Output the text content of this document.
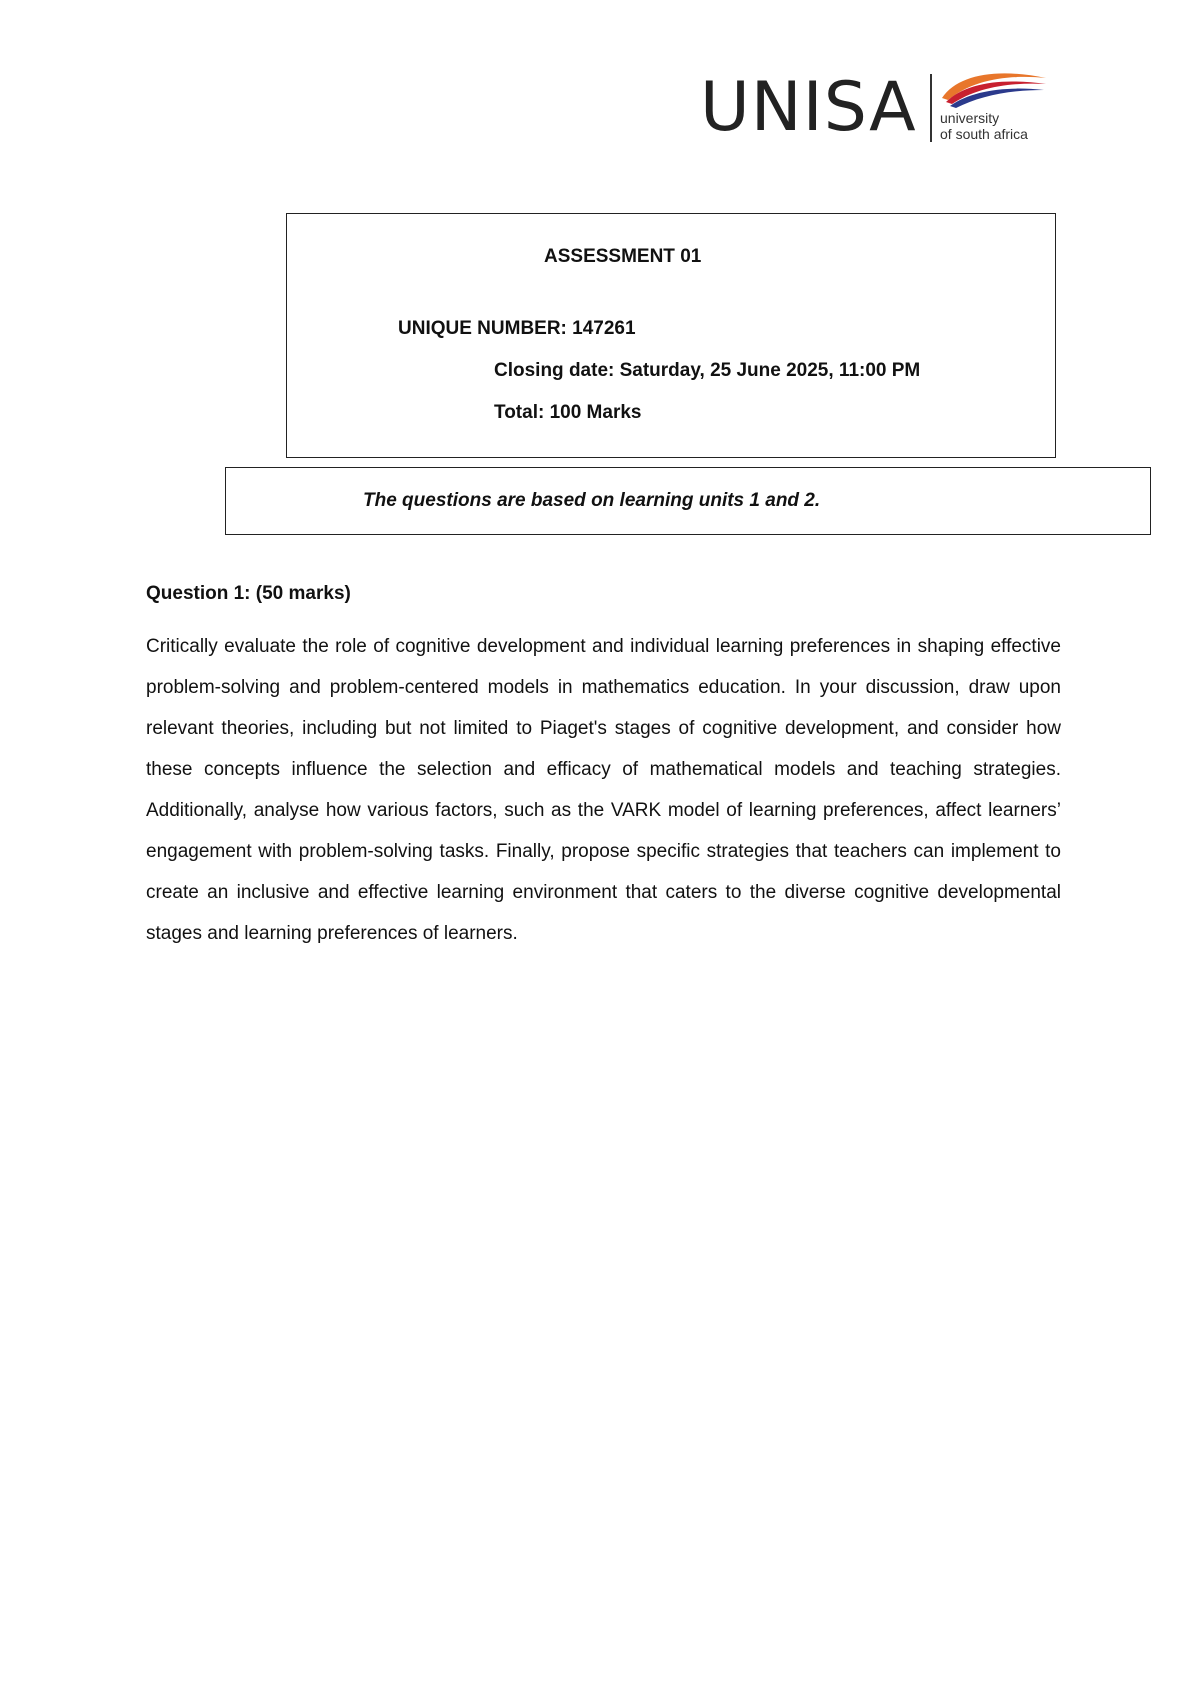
UNISA university
of south africa
ASSESSMENT 01
UNIQUE NUMBER: 147261
Closing date: Saturday, 25 June 2025, 11:00 PM
Total: 100 Marks
The questions are based on learning units 1 and 2.
Question 1: (50 marks)

Critically evaluate the role of cognitive development and individual learning preferences in shaping effective problem-solving and problem-centered models in mathematics education. In your discussion, draw upon relevant theories, including but not limited to Piaget's stages of cognitive development, and consider how these concepts influence the selection and efficacy of mathematical models and teaching strategies. Additionally, analyse how various factors, such as the VARK model of learning preferences, affect learners’ engagement with problem-solving tasks. Finally, propose specific strategies that teachers can implement to create an inclusive and effective learning environment that caters to the diverse cognitive developmental stages and learning preferences of learners.
